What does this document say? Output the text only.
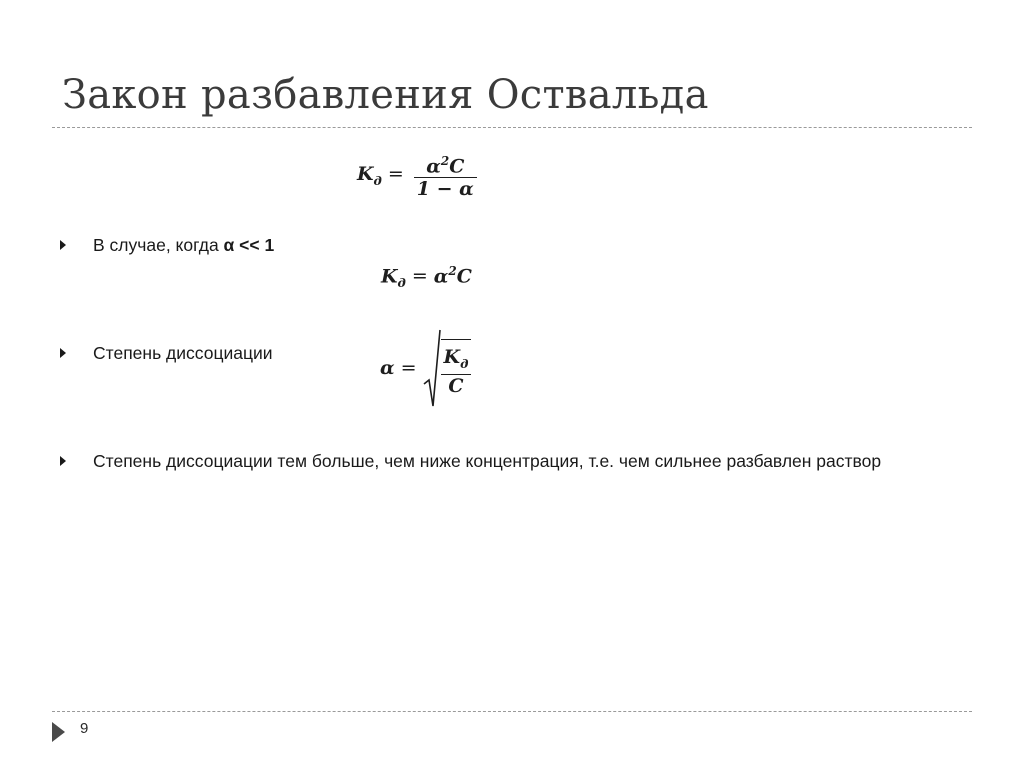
Закон разбавления Оствальда
$K_д = \frac{\alpha^2C}{1 - \alpha}$
В случае, когда α << 1
$K_д = \alpha^2C$
Степень диссоциации
$\alpha = \frac{K_д}{C}$
Степень диссоциации тем больше, чем ниже концентрация, т.е. чем сильнее разбавлен раствор
9
